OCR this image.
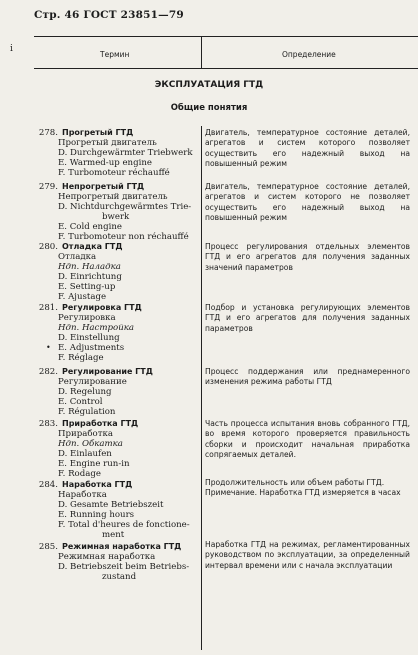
Стр. 46 ГОСТ 23851—79
i
Термин	Определение
ЭКСПЛУАТАЦИЯ ГТД
Общие понятия
278. Прогретый ГТД
Прогретый двигатель
D. Durchgewärmter Triebwerk
E. Warmed-up engine
F. Turbomoteur réchauffé
279. Непрогретый ГТД
Непрогретый двигатель
D. Nichtdurchgewärmtes Trie-
bwerk
E. Cold engine
F. Turbomoteur non réchauffé
280. Отладка ГТД
Отладка
Ндп. Наладка
D. Einrichtung
E. Setting-up
F. Ajustage
281. Регулировка ГТД
Регулировка
Ндп. Настройка
D. Einstellung
E. Adjustments
F. Réglage
282. Регулирование ГТД
Регулирование
D. Regelung
E. Control
F. Régulation
283. Приработка ГТД
Приработка
Ндп. Обкатка
D. Einlaufen
E. Engine run-in
F. Rodage
284. Наработка ГТД
Наработка
D. Gesamte Betriebszeit
E. Running hours
F. Total d'heures de fonctione-
ment
285. Режимная наработка ГТД
Режимная наработка
D. Betriebszeit beim Betriebs-
zustand
•
Двигатель, температурное состояние деталей, агрегатов и систем которого позволяет осуществить его надежный выход на повышенный режим
Двигатель, температурное состояние деталей, агрегатов и систем которого не позволяет осуществить его надежный выход на повышенный режим
Процесс регулирования отдельных элементов ГТД и его агрегатов для получения заданных значений параметров
Подбор и установка регулирующих элементов ГТД и его агрегатов для получения заданных параметров
Процесс поддержания или преднамеренного изменения режима работы ГТД
Часть процесса испытания вновь собранного ГТД, во время которого проверяется правильность сборки и происходит начальная приработка сопрягаемых деталей.
Продолжительность или объем работы ГТД.
Примечание. Наработка ГТД измеряется в часах
Наработка ГТД на режимах, регламентированных руководством по эксплуатации, за определенный интервал времени или с начала эксплуатации
